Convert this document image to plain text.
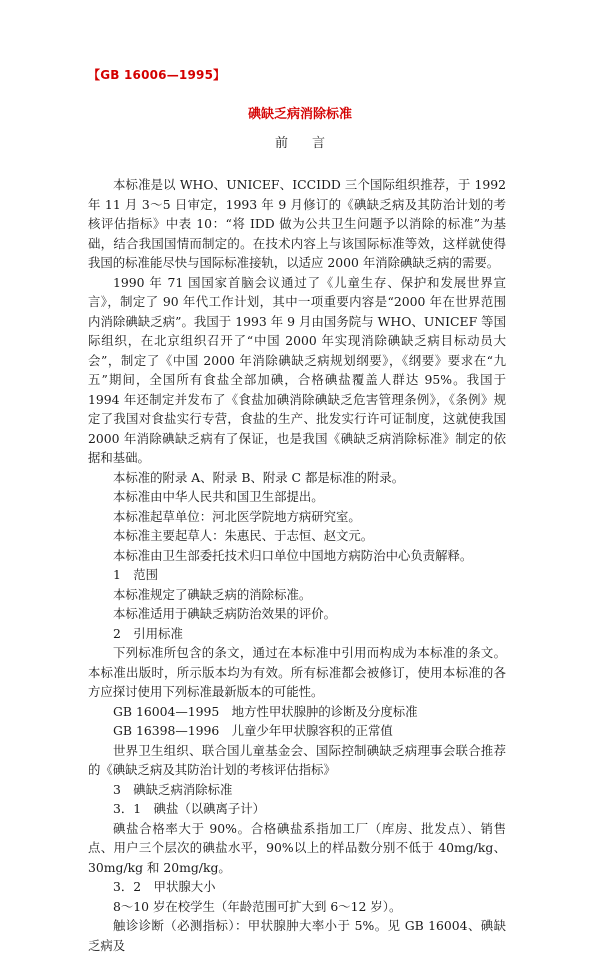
【GB 16006—1995】
碘缺乏病消除标准
前言

本标准是以 WHO、UNICEF、ICCIDD 三个国际组织推荐，于 1992 年 11 月 3～5 日审定，1993 年 9 月修订的《碘缺乏病及其防治计划的考核评估指标》中表 10：“将 IDD 做为公共卫生问题予以消除的标准”为基础，结合我国国情而制定的。在技术内容上与该国际标准等效，这样就使得我国的标准能尽快与国际标准接轨，以适应 2000 年消除碘缺乏病的需要。

1990 年 71 国国家首脑会议通过了《儿童生存、保护和发展世界宣言》，制定了 90 年代工作计划，其中一项重要内容是“2000 年在世界范围内消除碘缺乏病”。我国于 1993 年 9 月由国务院与 WHO、UNICEF 等国际组织，在北京组织召开了“中国 2000 年实现消除碘缺乏病目标动员大会”，制定了《中国 2000 年消除碘缺乏病规划纲要》，《纲要》要求在“九五”期间，全国所有食盐全部加碘，合格碘盐覆盖人群达 95%。我国于 1994 年还制定并发布了《食盐加碘消除碘缺乏危害管理条例》，《条例》规定了我国对食盐实行专营，食盐的生产、批发实行许可证制度，这就使我国 2000 年消除碘缺乏病有了保证，也是我国《碘缺乏病消除标准》制定的依据和基础。

本标准的附录 A、附录 B、附录 C 都是标准的附录。

本标准由中华人民共和国卫生部提出。

本标准起草单位：河北医学院地方病研究室。

本标准主要起草人：朱惠民、于志恒、赵文元。

本标准由卫生部委托技术归口单位中国地方病防治中心负责解释。

1　范围

本标准规定了碘缺乏病的消除标准。

本标准适用于碘缺乏病防治效果的评价。

2　引用标准

下列标准所包含的条文，通过在本标准中引用而构成为本标准的条文。本标准出版时，所示版本均为有效。所有标准都会被修订，使用本标准的各方应探讨使用下列标准最新版本的可能性。

GB 16004—1995　地方性甲状腺肿的诊断及分度标准

GB 16398—1996　儿童少年甲状腺容积的正常值

世界卫生组织、联合国儿童基金会、国际控制碘缺乏病理事会联合推荐的《碘缺乏病及其防治计划的考核评估指标》

3　碘缺乏病消除标准

3．1　碘盐（以碘离子计）

碘盐合格率大于 90%。合格碘盐系指加工厂（库房、批发点）、销售点、用户三个层次的碘盐水平，90%以上的样品数分别不低于 40mg/kg、30mg/kg 和 20mg/kg。

3．2　甲状腺大小

8～10 岁在校学生（年龄范围可扩大到 6～12 岁）。

触诊诊断（必测指标）：甲状腺肿大率小于 5%。见 GB 16004、碘缺乏病及
